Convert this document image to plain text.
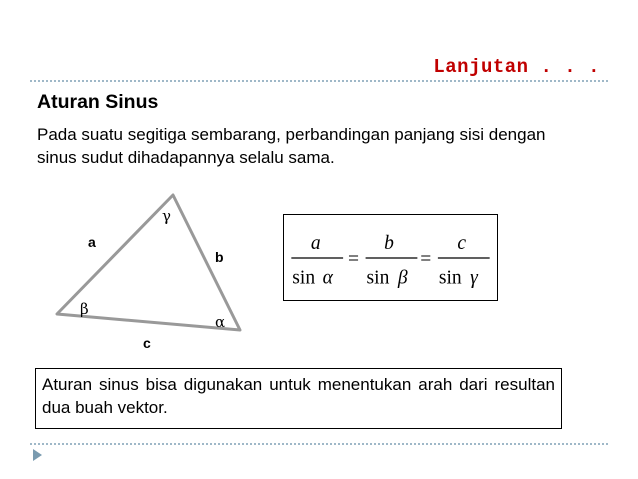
Lanjutan . . .
Aturan Sinus
Pada suatu segitiga sembarang, perbandingan panjang sisi dengan sinus sudut dihadapannya selalu sama.
a
b
c
γ
β
α
a
sin α
=
b
sin β
=
c
sin γ
Aturan sinus bisa digunakan untuk menentukan arah dari resultan dua buah vektor.
